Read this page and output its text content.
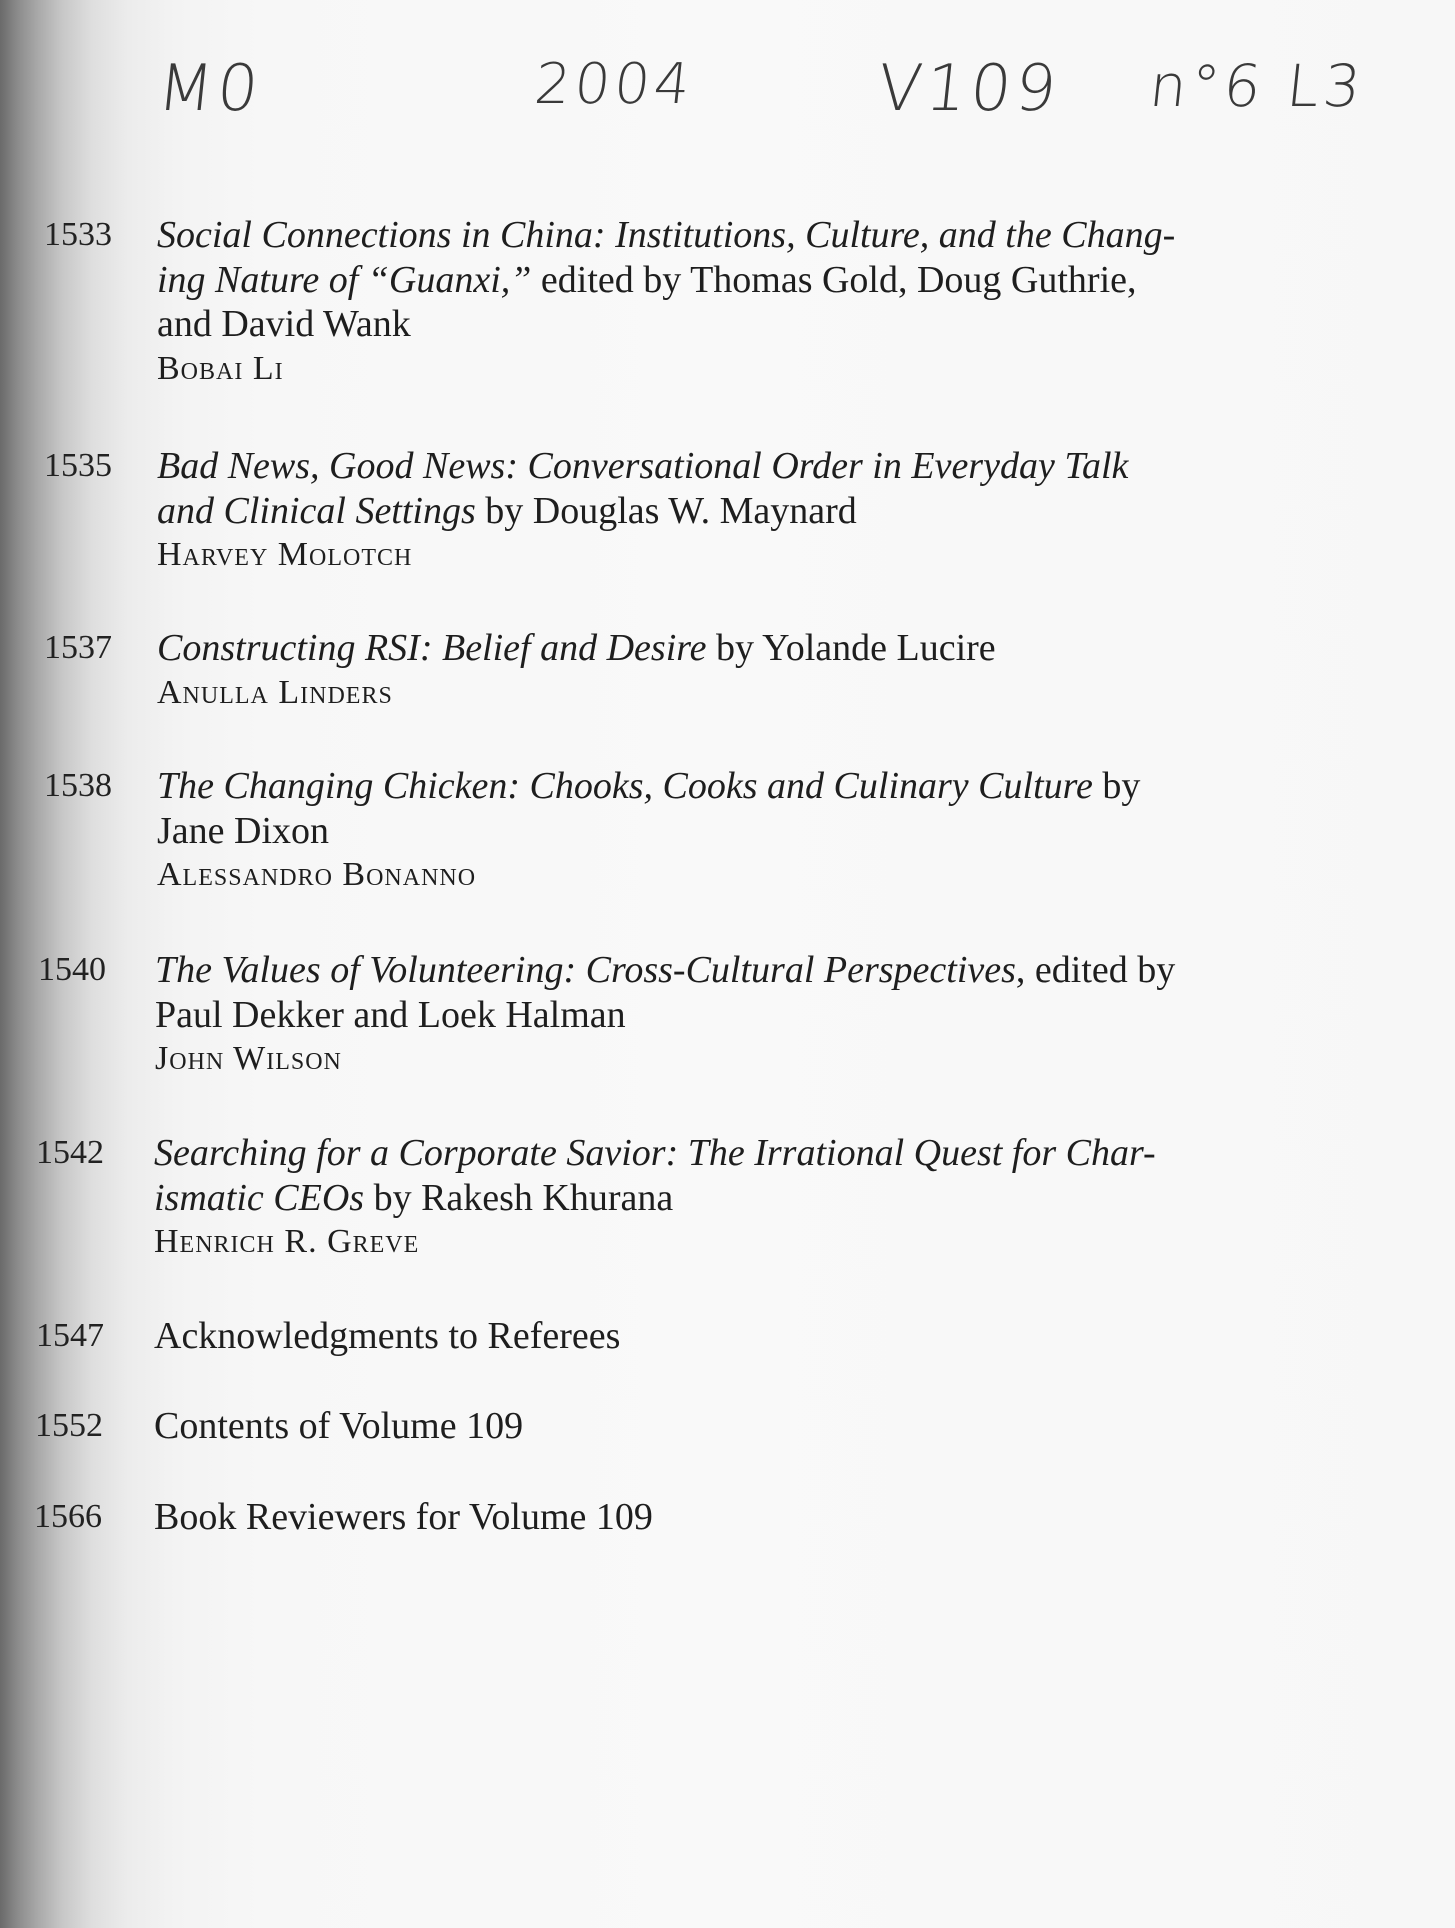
M0	2004	V109 n°6 L3
1533 Social Connections in China: Institutions, Culture, and the Chang-
ing Nature of “Guanxi,” edited by Thomas Gold, Doug Guthrie,
and David Wank
Bobai Li
1535 Bad News, Good News: Conversational Order in Everyday Talk
and Clinical Settings by Douglas W. Maynard
Harvey Molotch
1537 Constructing RSI: Belief and Desire by Yolande Lucire
Anulla Linders
1538 The Changing Chicken: Chooks, Cooks and Culinary Culture by
Jane Dixon
Alessandro Bonanno
1540 The Values of Volunteering: Cross-Cultural Perspectives, edited by
Paul Dekker and Loek Halman
John Wilson
1542 Searching for a Corporate Savior: The Irrational Quest for Char-
ismatic CEOs by Rakesh Khurana
Henrich R. Greve
1547 Acknowledgments to Referees
1552 Contents of Volume 109
1566 Book Reviewers for Volume 109
